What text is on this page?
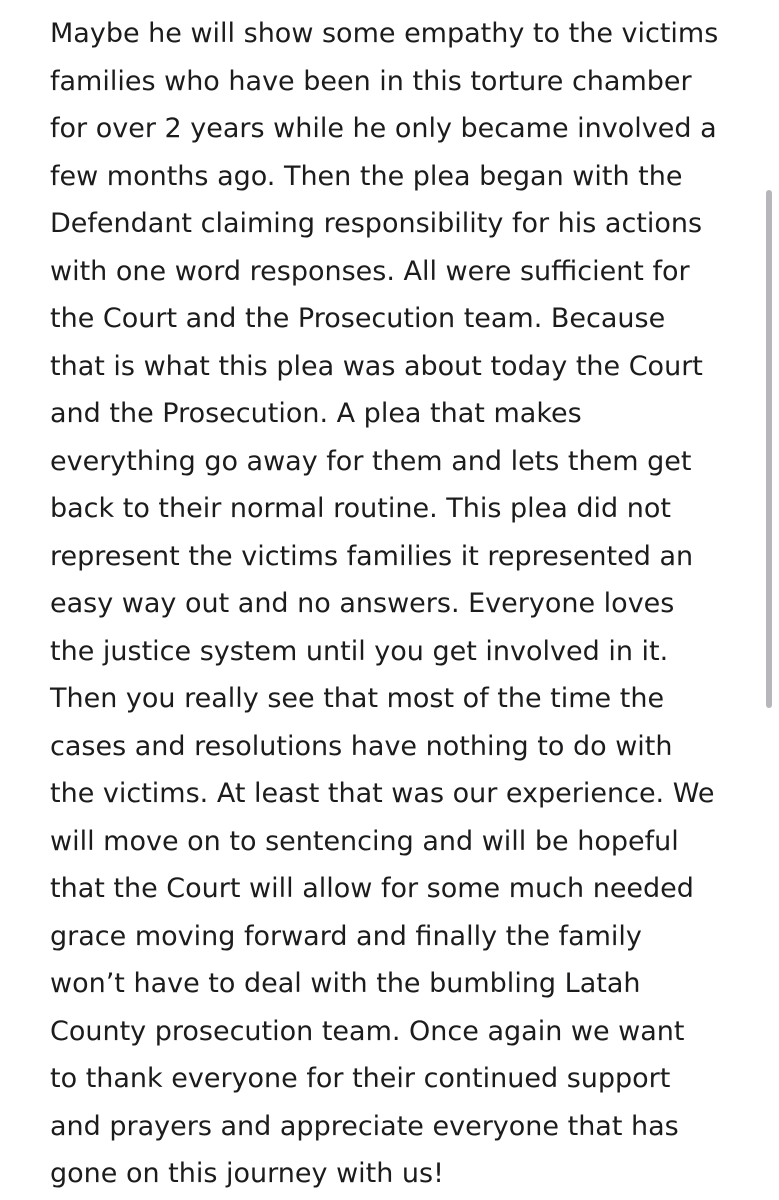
Maybe he will show some empathy to the victims
families who have been in this torture chamber
for over 2 years while he only became involved a
few months ago. Then the plea began with the
Defendant claiming responsibility for his actions
with one word responses. All were sufficient for
the Court and the Prosecution team. Because
that is what this plea was about today the Court
and the Prosecution. A plea that makes
everything go away for them and lets them get
back to their normal routine. This plea did not
represent the victims families it represented an
easy way out and no answers. Everyone loves
the justice system until you get involved in it.
Then you really see that most of the time the
cases and resolutions have nothing to do with
the victims. At least that was our experience. We
will move on to sentencing and will be hopeful
that the Court will allow for some much needed
grace moving forward and finally the family
won’t have to deal with the bumbling Latah
County prosecution team. Once again we want
to thank everyone for their continued support
and prayers and appreciate everyone that has
gone on this journey with us!
